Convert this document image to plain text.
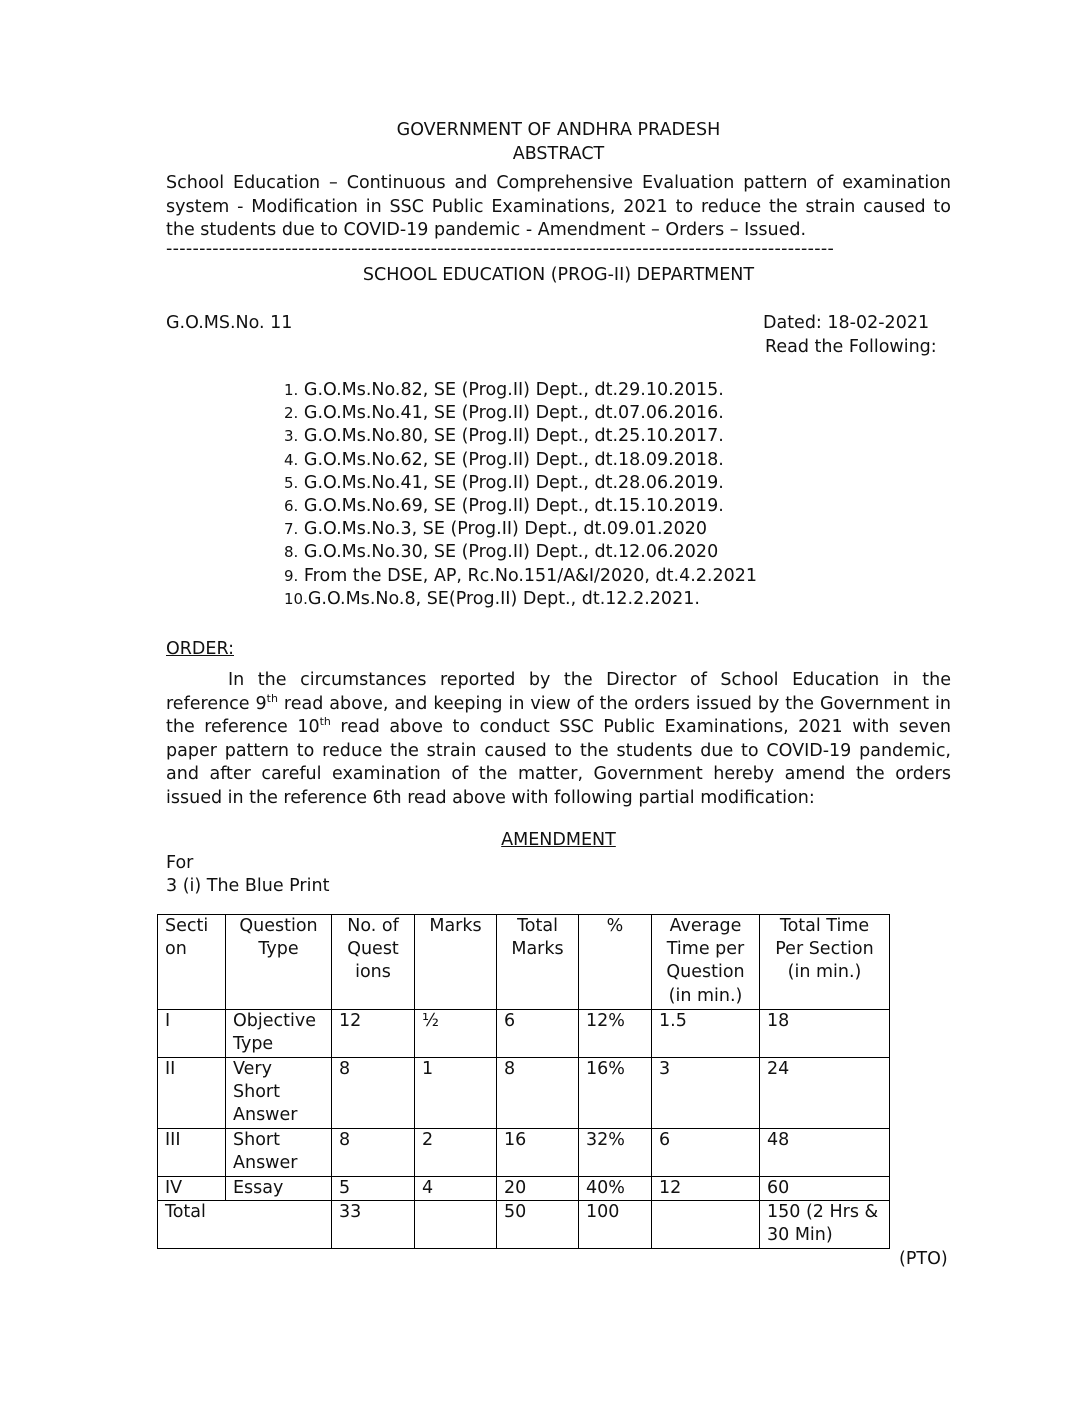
GOVERNMENT OF ANDHRA PRADESH
ABSTRACT
School Education – Continuous and Comprehensive Evaluation pattern of examination system - Modification in SSC Public Examinations, 2021 to reduce the strain caused to the students due to COVID-19 pandemic - Amendment – Orders – Issued.
-----------------------------------------------------------------------------------------------------
SCHOOL EDUCATION (PROG-II) DEPARTMENT
G.O.MS.No. 11	Dated: 18-02-2021
Read the Following:
1. G.O.Ms.No.82, SE (Prog.II) Dept., dt.29.10.2015.
2. G.O.Ms.No.41, SE (Prog.II) Dept., dt.07.06.2016.
3. G.O.Ms.No.80, SE (Prog.II) Dept., dt.25.10.2017.
4. G.O.Ms.No.62, SE (Prog.II) Dept., dt.18.09.2018.
5. G.O.Ms.No.41, SE (Prog.II) Dept., dt.28.06.2019.
6. G.O.Ms.No.69, SE (Prog.II) Dept., dt.15.10.2019.
7. G.O.Ms.No.3, SE (Prog.II) Dept., dt.09.01.2020
8. G.O.Ms.No.30, SE (Prog.II) Dept., dt.12.06.2020
9. From the DSE, AP, Rc.No.151/A&I/2020, dt.4.2.2021
10.G.O.Ms.No.8, SE(Prog.II) Dept., dt.12.2.2021.
ORDER:
In the circumstances reported by the Director of School Education in the reference 9th read above, and keeping in view of the orders issued by the Government in the reference 10th read above to conduct SSC Public Examinations, 2021 with seven paper pattern to reduce the strain caused to the students due to COVID-19 pandemic, and after careful examination of the matter, Government hereby amend the orders issued in the reference 6th read above with following partial modification:
AMENDMENT
For
3 (i) The Blue Print
Secti on	Question Type	No. of Quest ions	Marks	Total Marks	%	Average Time per Question (in min.)	Total Time Per Section (in min.)
I	Objective Type	12	½	6	12%	1.5	18
II	Very Short Answer	8	1	8	16%	3	24
III	Short Answer	8	2	16	32%	6	48
IV	Essay	5	4	20	40%	12	60
Total		33		50	100		150 (2 Hrs & 30 Min)
(PTO)
